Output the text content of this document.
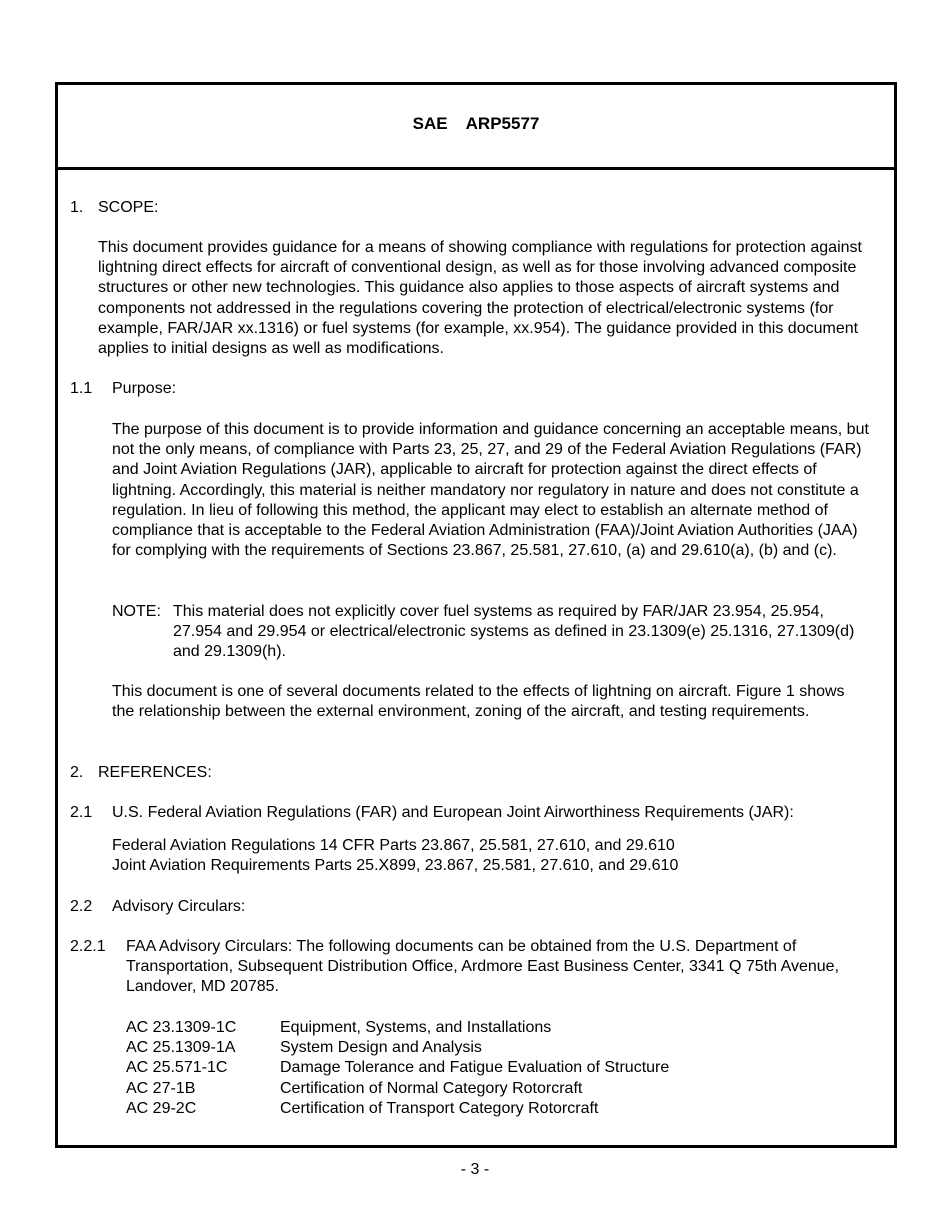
SAE ARP5577
1. SCOPE:
This document provides guidance for a means of showing compliance with regulations for protection against lightning direct effects for aircraft of conventional design, as well as for those involving advanced composite structures or other new technologies. This guidance also applies to those aspects of aircraft systems and components not addressed in the regulations covering the protection of electrical/electronic systems (for example, FAR/JAR xx.1316) or fuel systems (for example, xx.954). The guidance provided in this document applies to initial designs as well as modifications.
1.1 Purpose:
The purpose of this document is to provide information and guidance concerning an acceptable means, but not the only means, of compliance with Parts 23, 25, 27, and 29 of the Federal Aviation Regulations (FAR) and Joint Aviation Regulations (JAR), applicable to aircraft for protection against the direct effects of lightning. Accordingly, this material is neither mandatory nor regulatory in nature and does not constitute a regulation. In lieu of following this method, the applicant may elect to establish an alternate method of compliance that is acceptable to the Federal Aviation Administration (FAA)/Joint Aviation Authorities (JAA) for complying with the requirements of Sections 23.867, 25.581, 27.610, (a) and 29.610(a), (b) and (c).
NOTE: This material does not explicitly cover fuel systems as required by FAR/JAR 23.954, 25.954, 27.954 and 29.954 or electrical/electronic systems as defined in 23.1309(e) 25.1316, 27.1309(d) and 29.1309(h).
This document is one of several documents related to the effects of lightning on aircraft. Figure 1 shows the relationship between the external environment, zoning of the aircraft, and testing requirements.
2. REFERENCES:
2.1 U.S. Federal Aviation Regulations (FAR) and European Joint Airworthiness Requirements (JAR):
Federal Aviation Regulations 14 CFR Parts 23.867, 25.581, 27.610, and 29.610
Joint Aviation Requirements Parts 25.X899, 23.867, 25.581, 27.610, and 29.610
2.2 Advisory Circulars:
2.2.1 FAA Advisory Circulars: The following documents can be obtained from the U.S. Department of Transportation, Subsequent Distribution Office, Ardmore East Business Center, 3341 Q 75th Avenue, Landover, MD 20785.
AC 23.1309-1C	Equipment, Systems, and Installations
AC 25.1309-1A	System Design and Analysis
AC 25.571-1C	Damage Tolerance and Fatigue Evaluation of Structure
AC 27-1B	Certification of Normal Category Rotorcraft
AC 29-2C	Certification of Transport Category Rotorcraft
- 3 -
